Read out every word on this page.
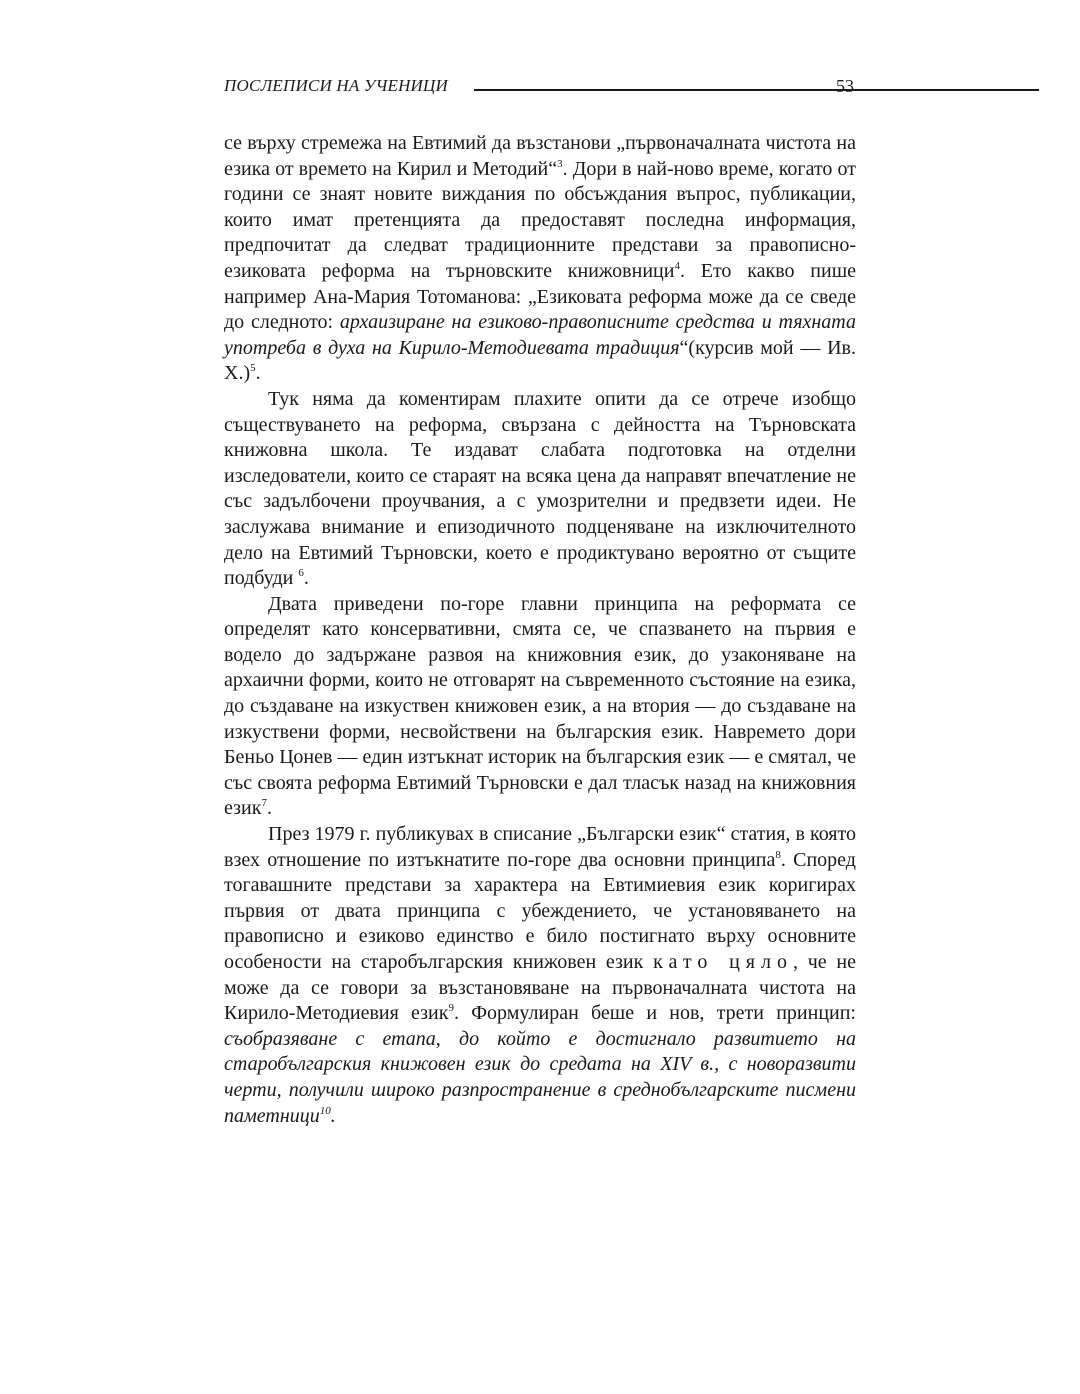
ПОСЛЕПИСИ НА УЧЕНИЦИ	53

се върху стремежа на Евтимий да възстанови „първоначалната чистота на езика от времето на Кирил и Методий“$^3$. Дори в най-ново време, когато от години се знаят новите виждания по обсъждания въпрос, публикации, които имат претенцията да предоставят последна информация, предпочитат да следват традиционните представи за правописно-езиковата реформа на търновските книжовници$^4$. Ето какво пише например Ана-Мария Тотоманова: „Езиковата реформа може да се сведе до следното: архаизиране на езиково-правописните средства и тяхната употреба в духа на Кирило-Методиевата традиция“(курсив мой — Ив. Х.)$^5$.

Тук няма да коментирам плахите опити да се отрече изобщо съществуването на реформа, свързана с дейността на Търновската книжовна школа. Те издават слабата подготовка на отделни изследователи, които се стараят на всяка цена да направят впечатление не със задълбочени проучвания, а с умозрителни и предвзети идеи. Не заслужава внимание и епизодичното подценяване на изключителното дело на Евтимий Търновски, което е продиктувано вероятно от същите подбуди $^6$.

Двата приведени по-горе главни принципа на реформата се определят като консервативни, смята се, че спазването на първия е водело до задържане развоя на книжовния език, до узаконяване на архаични форми, които не отговарят на съвременното състояние на езика, до създаване на изкуствен книжовен език, а на втория — до създаване на изкуствени форми, несвойствени на българския език. Навремето дори Беньо Цонев — един изтъкнат историк на българския език — е смятал, че със своята реформа Евтимий Търновски е дал тласък назад на книжовния език$^7$.

През 1979 г. публикувах в списание „Български език“ статия, в която взех отношение по изтъкнатите по-горе два основни принципа$^8$. Според тогавашните представи за характера на Евтимиевия език коригирах първия от двата принципа с убеждението, че установяването на правописно и езиково единство е било постигнато върху основните особености на старобългарския книжовен език като цяло, че не може да се говори за възстановяване на първоначалната чистота на Кирило-Методиевия език$^9$. Формулиран беше и нов, трети принцип: съобразяване с етапа, до който е достигнало развитието на старобългарския книжовен език до средата на XIV в., с новоразвити черти, получили широко разпространение в среднобългарските писмени паметници$^{10}$.
